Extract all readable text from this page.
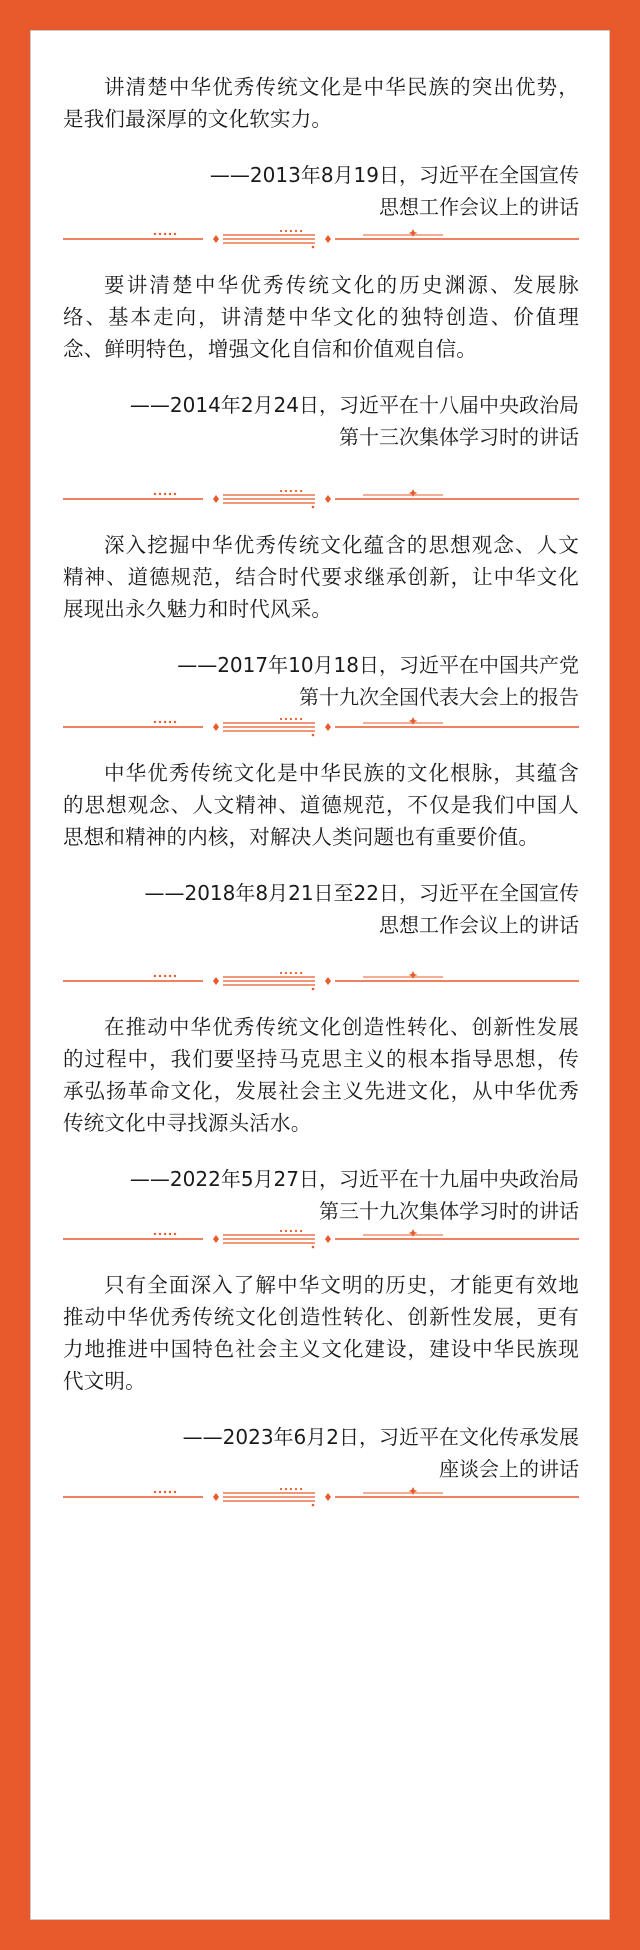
讲清楚中华优秀传统文化是中华民族的突出优势，是我们最深厚的文化软实力。

——2013年8月19日，习近平在全国宣传
思想工作会议上的讲话

要讲清楚中华优秀传统文化的历史渊源、发展脉络、基本走向，讲清楚中华文化的独特创造、价值理念、鲜明特色，增强文化自信和价值观自信。

——2014年2月24日，习近平在十八届中央政治局
第十三次集体学习时的讲话

深入挖掘中华优秀传统文化蕴含的思想观念、人文精神、道德规范，结合时代要求继承创新，让中华文化展现出永久魅力和时代风采。

——2017年10月18日，习近平在中国共产党
第十九次全国代表大会上的报告

中华优秀传统文化是中华民族的文化根脉，其蕴含的思想观念、人文精神、道德规范，不仅是我们中国人思想和精神的内核，对解决人类问题也有重要价值。

——2018年8月21日至22日，习近平在全国宣传
思想工作会议上的讲话

在推动中华优秀传统文化创造性转化、创新性发展的过程中，我们要坚持马克思主义的根本指导思想，传承弘扬革命文化，发展社会主义先进文化，从中华优秀传统文化中寻找源头活水。

——2022年5月27日，习近平在十九届中央政治局
第三十九次集体学习时的讲话

只有全面深入了解中华文明的历史，才能更有效地推动中华优秀传统文化创造性转化、创新性发展，更有力地推进中国特色社会主义文化建设，建设中华民族现代文明。

——2023年6月2日，习近平在文化传承发展
座谈会上的讲话
